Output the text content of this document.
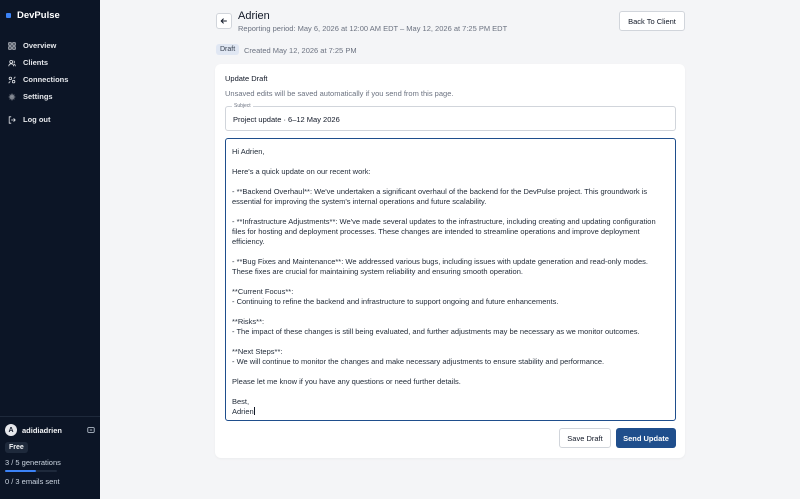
DevPulse
Overview
Clients
Connections
Settings
Log out
A	adidiadrien
Free
3 / 5 generations
0 / 3 emails sent
Adrien
Reporting period: May 6, 2026 at 12:00 AM EDT – May 12, 2026 at 7:25 PM EDT
Back To Client
Draft	Created May 12, 2026 at 7:25 PM
Update Draft
Unsaved edits will be saved automatically if you send from this page.
Subject
Project update · 6–12 May 2026
Hi Adrien,
Here's a quick update on our recent work:
- **Backend Overhaul**: We've undertaken a significant overhaul of the backend for the DevPulse project. This groundwork is
essential for improving the system's internal operations and future scalability.
- **Infrastructure Adjustments**: We've made several updates to the infrastructure, including creating and updating configuration
files for hosting and deployment processes. These changes are intended to streamline operations and improve deployment
efficiency.
- **Bug Fixes and Maintenance**: We addressed various bugs, including issues with update generation and read-only modes.
These fixes are crucial for maintaining system reliability and ensuring smooth operation.
**Current Focus**:
- Continuing to refine the backend and infrastructure to support ongoing and future enhancements.
**Risks**:
- The impact of these changes is still being evaluated, and further adjustments may be necessary as we monitor outcomes.
**Next Steps**:
- We will continue to monitor the changes and make necessary adjustments to ensure stability and performance.
Please let me know if you have any questions or need further details.
Best,
Adrien
Save Draft	Send Update
